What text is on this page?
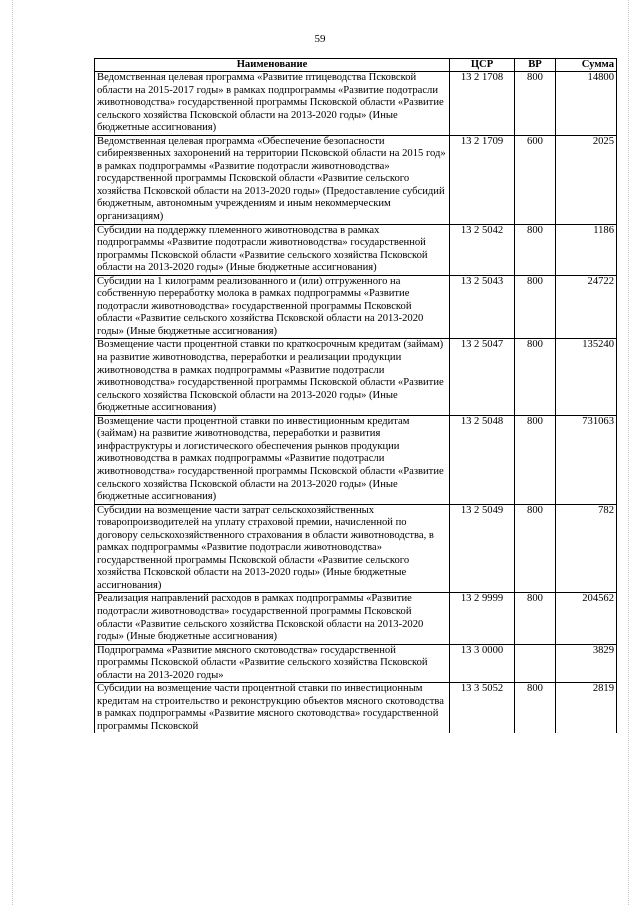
59
Наименование	ЦСР	ВР	Сумма
Ведомственная целевая программа «Развитие птицеводства Псковской области на 2015-2017 годы» в рамках подпрограммы «Развитие подотрасли животноводства» государственной программы Псковской области «Развитие сельского хозяйства Псковской области на 2013-2020 годы» (Иные бюджетные ассигнования)	13 2 1708	800	14800
Ведомственная целевая программа «Обеспечение безопасности сибиреязвенных захоронений на территории Псковской области на 2015 год» в рамках подпрограммы «Развитие подотрасли животноводства» государственной программы Псковской области «Развитие сельского хозяйства Псковской области на 2013-2020 годы» (Предоставление субсидий бюджетным, автономным учреждениям и иным некоммерческим организациям)	13 2 1709	600	2025
Субсидии на поддержку племенного животноводства в рамках подпрограммы «Развитие подотрасли животноводства» государственной программы Псковской области «Развитие сельского хозяйства Псковской области на 2013-2020 годы» (Иные бюджетные ассигнования)	13 2 5042	800	1186
Субсидии на 1 килограмм реализованного и (или) отгруженного на собственную переработку молока в рамках подпрограммы «Развитие подотрасли животноводства» государственной программы Псковской области «Развитие сельского хозяйства Псковской области на 2013-2020 годы» (Иные бюджетные ассигнования)	13 2 5043	800	24722
Возмещение части процентной ставки по краткосрочным кредитам (займам) на развитие животноводства, переработки и реализации продукции животноводства в рамках подпрограммы «Развитие подотрасли животноводства» государственной программы Псковской области «Развитие сельского хозяйства Псковской области на 2013-2020 годы» (Иные бюджетные ассигнования)	13 2 5047	800	135240
Возмещение части процентной ставки по инвестиционным кредитам (займам) на развитие животноводства, переработки и развития инфраструктуры и логистического обеспечения рынков продукции животноводства в рамках подпрограммы «Развитие подотрасли животноводства» государственной программы Псковской области «Развитие сельского хозяйства Псковской области на 2013-2020 годы» (Иные бюджетные ассигнования)	13 2 5048	800	731063
Субсидии на возмещение части затрат сельскохозяйственных товаропроизводителей на уплату страховой премии, начисленной по договору сельскохозяйственного страхования в области животноводства, в рамках подпрограммы «Развитие подотрасли животноводства» государственной программы Псковской области «Развитие сельского хозяйства Псковской области на 2013-2020 годы» (Иные бюджетные ассигнования)	13 2 5049	800	782
Реализация направлений расходов в рамках подпрограммы «Развитие подотрасли животноводства» государственной программы Псковской области «Развитие сельского хозяйства Псковской области на 2013-2020 годы» (Иные бюджетные ассигнования)	13 2 9999	800	204562
Подпрограмма «Развитие мясного скотоводства» государственной программы Псковской области «Развитие сельского хозяйства Псковской области на 2013-2020 годы»	13 3 0000		3829
Субсидии на возмещение части процентной ставки по инвестиционным кредитам на строительство и реконструкцию объектов мясного скотоводства в рамках подпрограммы «Развитие мясного скотоводства» государственной программы Псковской	13 3 5052	800	2819
